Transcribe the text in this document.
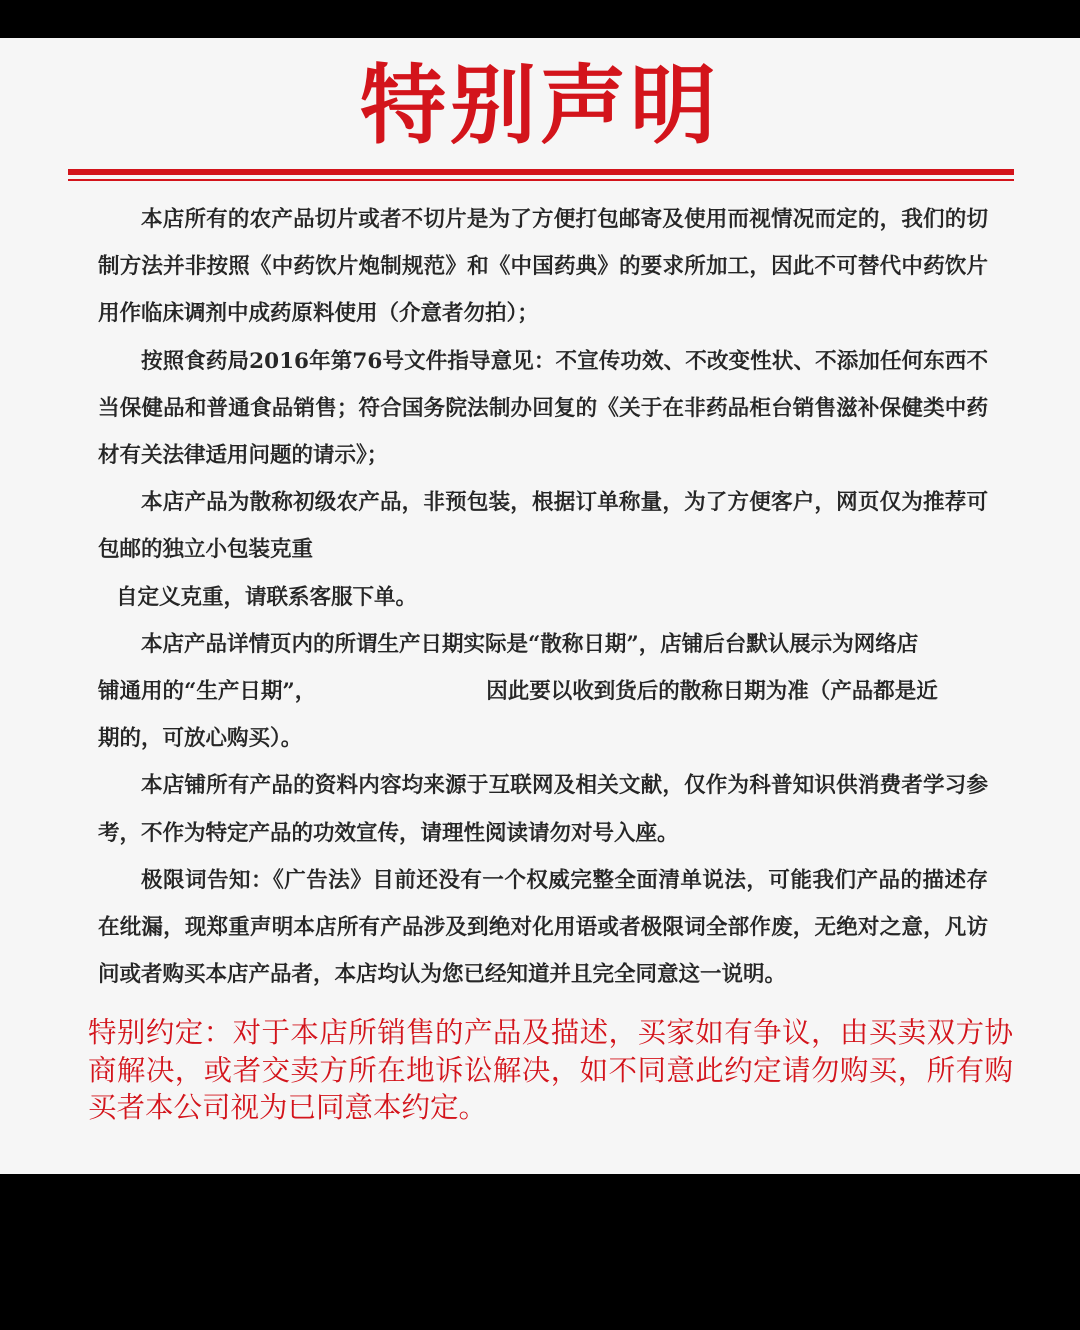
特别声明

本店所有的农产品切片或者不切片是为了方便打包邮寄及使用而视情况而定的，我们的切制方法并非按照《中药饮片炮制规范》和《中国药典》的要求所加工，因此不可替代中药饮片用作临床调剂中成药原料使用（介意者勿拍）；

按照食药局2016年第76号文件指导意见：不宣传功效、不改变性状、不添加任何东西不当保健品和普通食品销售；符合国务院法制办回复的《关于在非药品柜台销售滋补保健类中药材有关法律适用问题的请示》；

本店产品为散称初级农产品，非预包装，根据订单称量，为了方便客户，网页仅为推荐可包邮的独立小包装克重

自定义克重，请联系客服下单。

本店产品详情页内的所谓生产日期实际是“散称日期”，店铺后台默认展示为网络店

铺通用的“生产日期”，	因此要以收到货后的散称日期为准（产品都是近

期的，可放心购买）。

本店铺所有产品的资料内容均来源于互联网及相关文献，仅作为科普知识供消费者学习参考，不作为特定产品的功效宣传，请理性阅读请勿对号入座。

极限词告知：《广告法》目前还没有一个权威完整全面清单说法，可能我们产品的描述存在纰漏，现郑重声明本店所有产品涉及到绝对化用语或者极限词全部作废，无绝对之意，凡访问或者购买本店产品者，本店均认为您已经知道并且完全同意这一说明。

特别约定：对于本店所销售的产品及描述，买家如有争议，由买卖双方协商解决，或者交卖方所在地诉讼解决，如不同意此约定请勿购买，所有购买者本公司视为已同意本约定。
